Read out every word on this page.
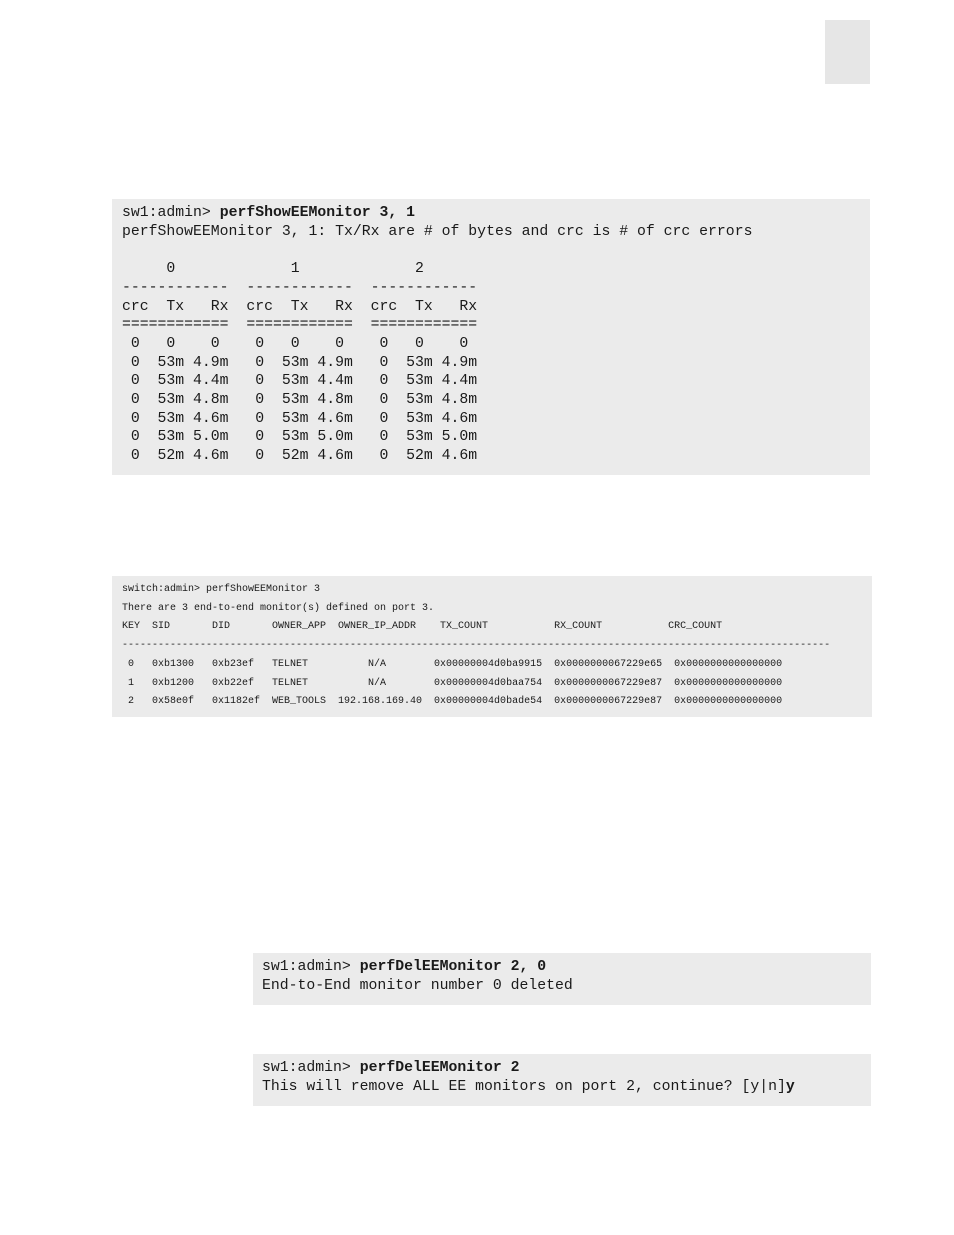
sw1:admin> perfShowEEMonitor 3, 1
perfShowEEMonitor 3, 1: Tx/Rx are # of bytes and crc is # of crc errors

0             1             2
------------  ------------  ------------
crc  Tx   Rx  crc  Tx   Rx  crc  Tx   Rx
============  ============  ============
0   0    0    0   0    0    0   0    0
0  53m 4.9m   0  53m 4.9m   0  53m 4.9m
0  53m 4.4m   0  53m 4.4m   0  53m 4.4m
0  53m 4.8m   0  53m 4.8m   0  53m 4.8m
0  53m 4.6m   0  53m 4.6m   0  53m 4.6m
0  53m 5.0m   0  53m 5.0m   0  53m 5.0m
0  52m 4.6m   0  52m 4.6m   0  52m 4.6m
switch:admin> perfShowEEMonitor 3
There are 3 end-to-end monitor(s) defined on port 3.
KEY  SID       DID       OWNER_APP  OWNER_IP_ADDR    TX_COUNT           RX_COUNT           CRC_COUNT
----------------------------------------------------------------------------------------------------------------------
0   0xb1300   0xb23ef   TELNET          N/A        0x00000004d0ba9915  0x0000000067229e65  0x0000000000000000
1   0xb1200   0xb22ef   TELNET          N/A        0x00000004d0baa754  0x0000000067229e87  0x0000000000000000
2   0x58e0f   0x1182ef  WEB_TOOLS  192.168.169.40  0x00000004d0bade54  0x0000000067229e87  0x0000000000000000
sw1:admin> perfDelEEMonitor 2, 0
End-to-End monitor number 0 deleted
sw1:admin> perfDelEEMonitor 2
This will remove ALL EE monitors on port 2, continue? [y|n]y
